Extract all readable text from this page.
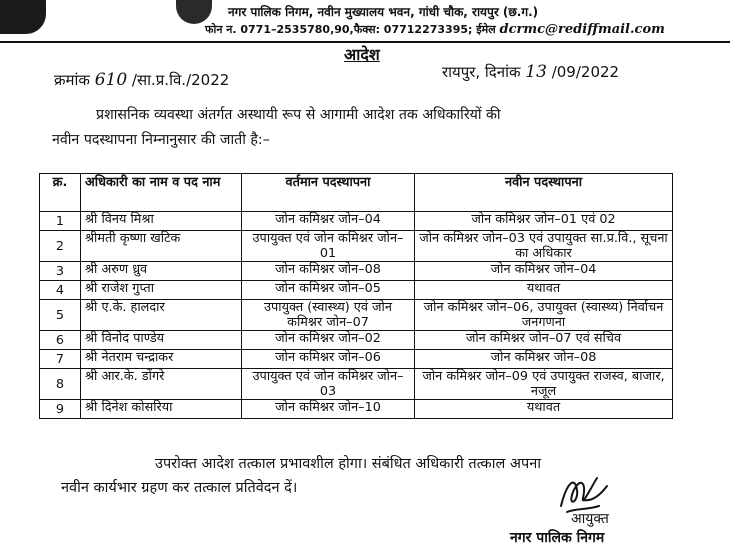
नगर पालिक निगम, नवीन मुख्यालय भवन, गांधी चौक, रायपुर (छ.ग.)
फोन न. 0771–2535780,90,फैक्स: 07712273395; ईमेल dcrmc@rediffmail.com
आदेश
क्रमांक 610 /सा.प्र.वि./2022	रायपुर, दिनांक 13 /09/2022
प्रशासनिक व्यवस्था अंतर्गत अस्थायी रूप से आगामी आदेश तक अधिकारियों की
नवीन पदस्थापना निम्नानुसार की जाती है:–
क्र.	अधिकारी का नाम व पद नाम	वर्तमान पदस्थापना	नवीन पदस्थापना
1	श्री विनय मिश्रा	जोन कमिश्नर जोन–04	जोन कमिश्नर जोन–01 एवं 02
2	श्रीमती कृष्णा खटिक	उपायुक्त एवं जोन कमिश्नर जोन–01	जोन कमिश्नर जोन–03 एवं उपायुक्त सा.प्र.वि., सूचना का अधिकार
3	श्री अरुण ध्रुव	जोन कमिश्नर जोन–08	जोन कमिश्नर जोन–04
4	श्री राजेश गुप्ता	जोन कमिश्नर जोन–05	यथावत
5	श्री ए.के. हालदार	उपायुक्त (स्वास्थ्य) एवं जोन कमिश्नर जोन–07	जोन कमिश्नर जोन–06, उपायुक्त (स्वास्थ्य) निर्वाचन जनगणना
6	श्री विनोद पाण्डेय	जोन कमिश्नर जोन–02	जोन कमिश्नर जोन–07 एवं सचिव
7	श्री नेतराम चन्द्राकर	जोन कमिश्नर जोन–06	जोन कमिश्नर जोन–08
8	श्री आर.के. डोंगरे	उपायुक्त एवं जोन कमिश्नर जोन–03	जोन कमिश्नर जोन–09 एवं उपायुक्त राजस्व, बाजार, नजूल
9	श्री दिनेश कोसरिया	जोन कमिश्नर जोन–10	यथावत
उपरोक्त आदेश तत्काल प्रभावशील होगा। संबंधित अधिकारी तत्काल अपना
नवीन कार्यभार ग्रहण कर तत्काल प्रतिवेदन दें।
आयुक्त
नगर पालिक निगम
